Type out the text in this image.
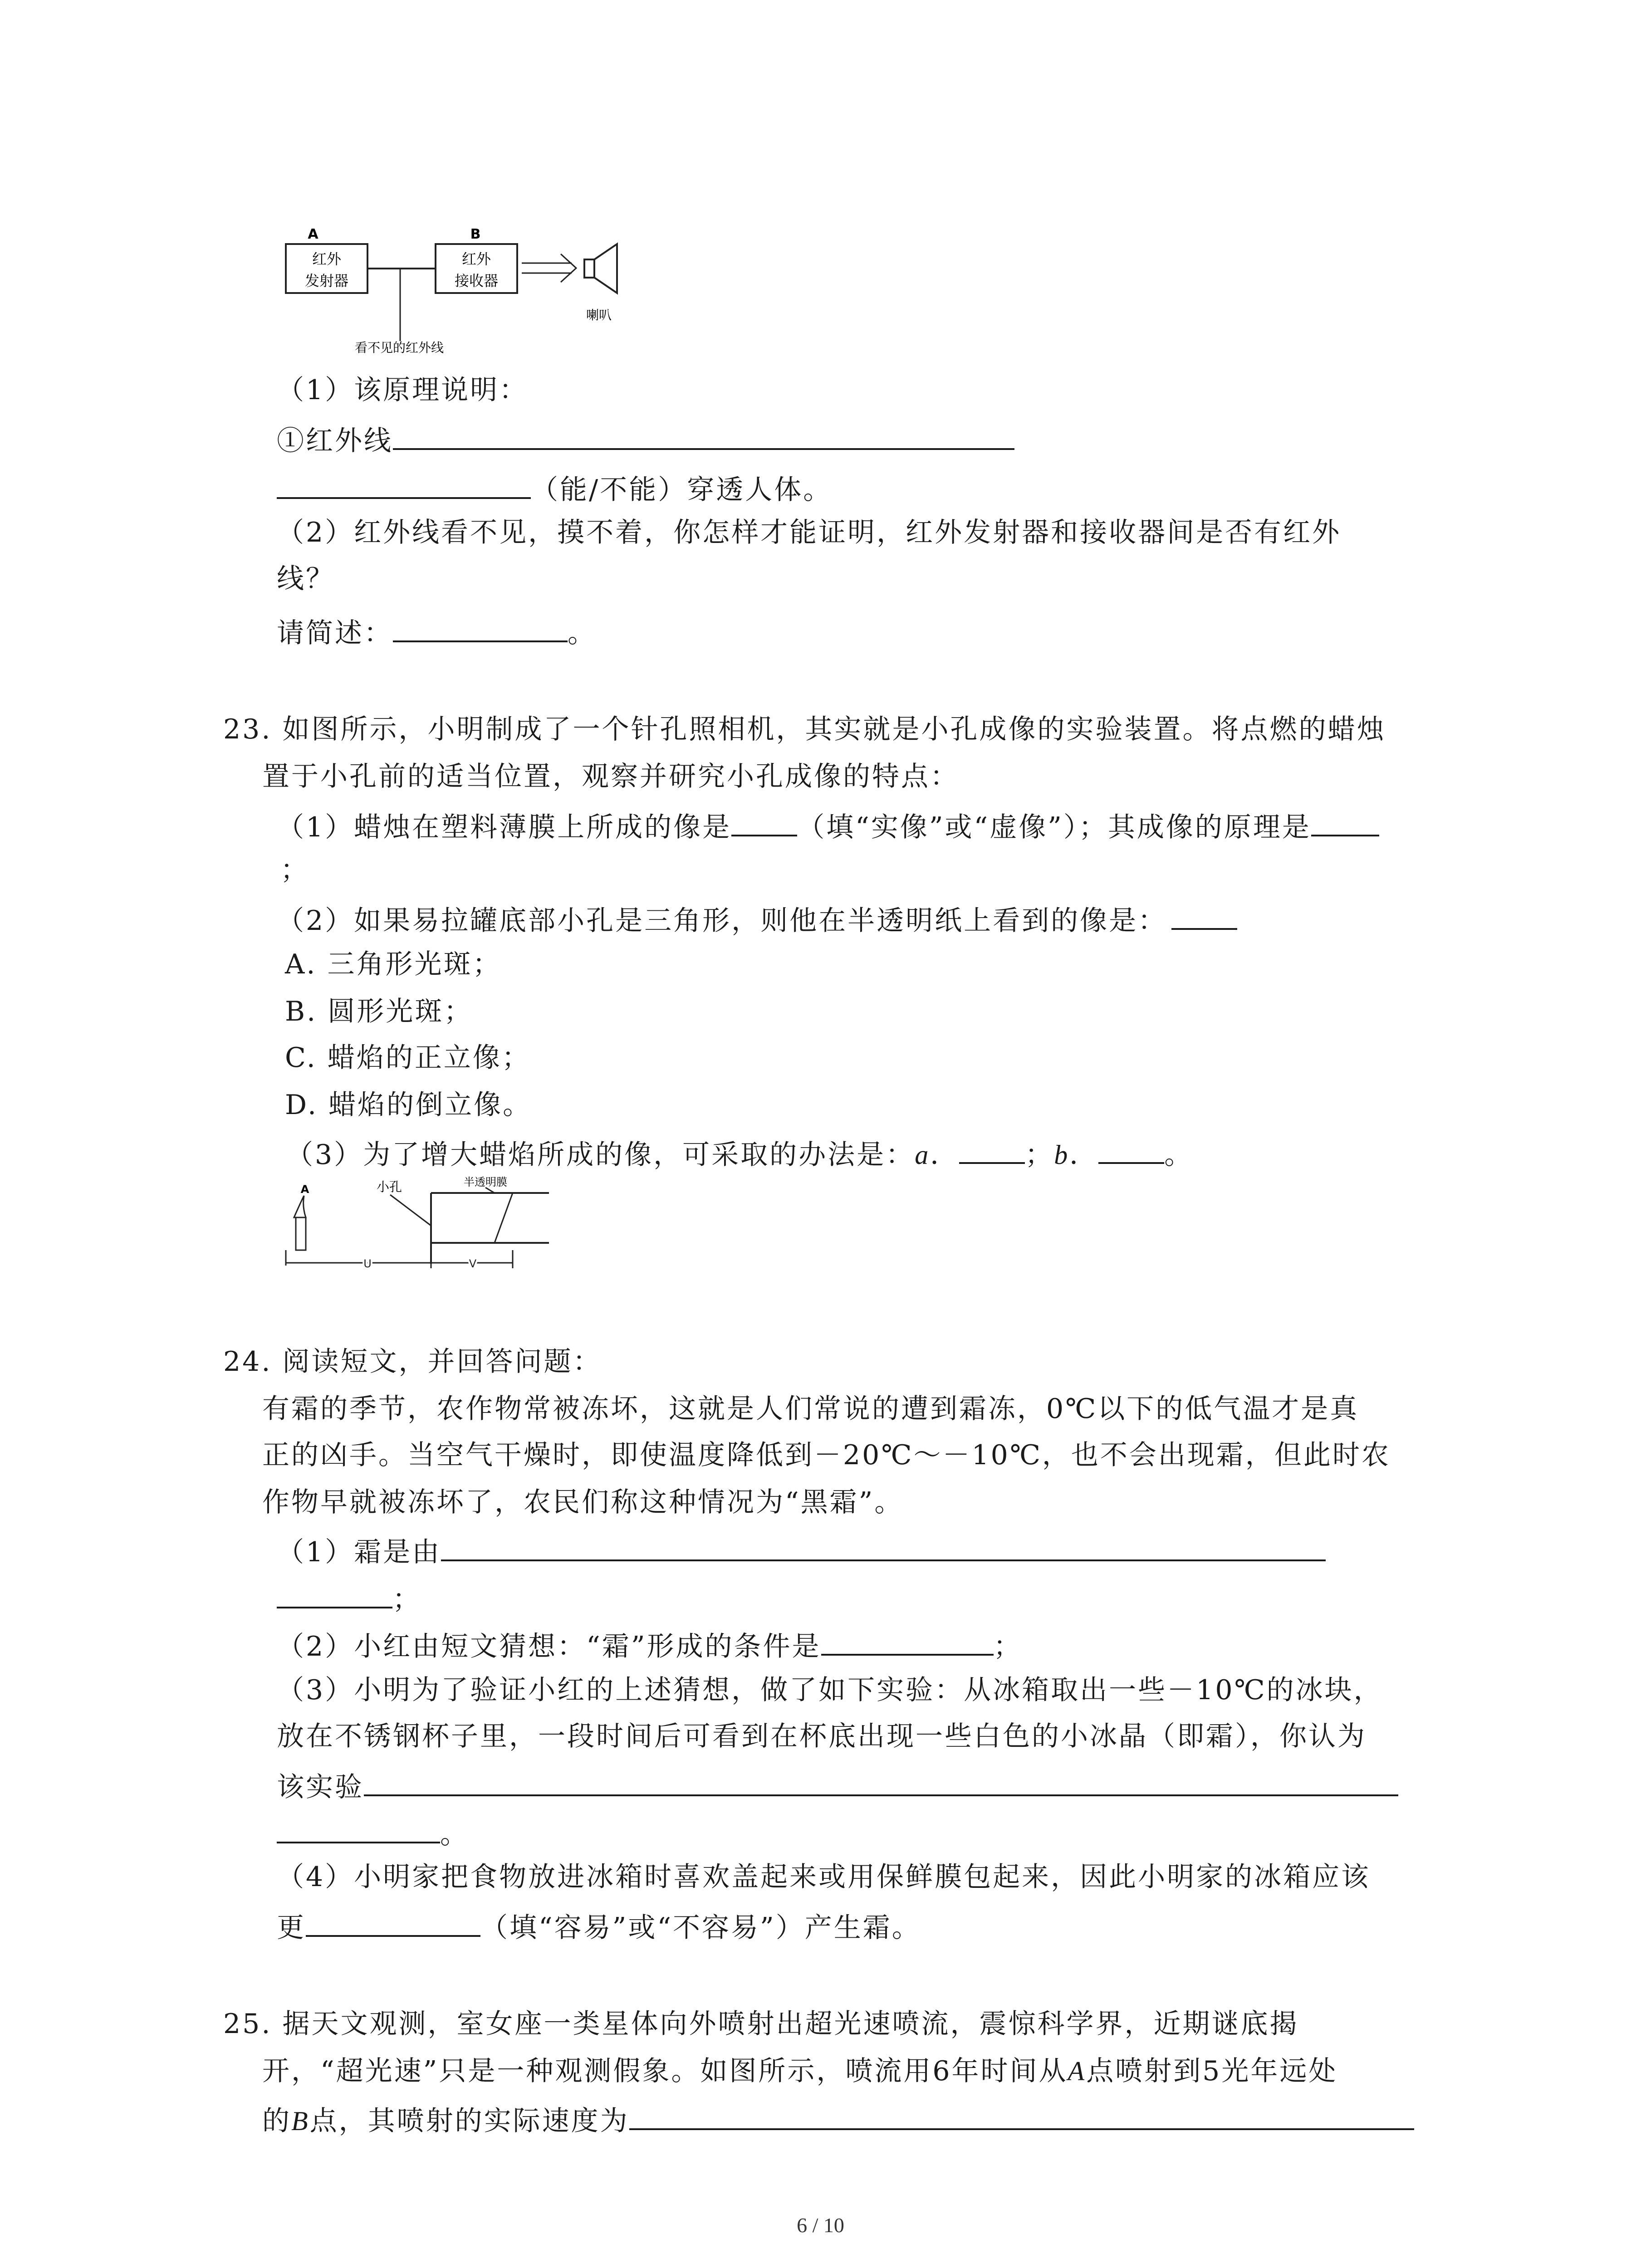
A	B
红外
发射器
红外
接收器
喇叭
看不见的红外线
（1）该原理说明：
①红外线
（能/不能）穿透人体。
（2）红外线看不见，摸不着，你怎样才能证明，红外发射器和接收器间是否有红外
线？
请简述：	。
23. 如图所示，小明制成了一个针孔照相机，其实就是小孔成像的实验装置。将点燃的蜡烛
置于小孔前的适当位置，观察并研究小孔成像的特点：
（1）蜡烛在塑料薄膜上所成的像是 （填“实像”或“虚像”）；其成像的原理是
；
（2）如果易拉罐底部小孔是三角形，则他在半透明纸上看到的像是：
A. 三角形光斑；
B. 圆形光斑；
C. 蜡焰的正立像；
D. 蜡焰的倒立像。
（3）为了增大蜡焰所成的像，可采取的办法是：a． ；b． 。
A	小孔	半透明膜
U	V
24. 阅读短文，并回答问题：
有霜的季节，农作物常被冻坏，这就是人们常说的遭到霜冻，0℃以下的低气温才是真
正的凶手。当空气干燥时，即使温度降低到－20℃～－10℃，也不会出现霜，但此时农
作物早就被冻坏了，农民们称这种情况为“黑霜”。
（1）霜是由
；
（2）小红由短文猜想：“霜”形成的条件是	；
（3）小明为了验证小红的上述猜想，做了如下实验：从冰箱取出一些－10℃的冰块，
放在不锈钢杯子里，一段时间后可看到在杯底出现一些白色的小冰晶（即霜），你认为
该实验
。
（4）小明家把食物放进冰箱时喜欢盖起来或用保鲜膜包起来，因此小明家的冰箱应该
更	（填“容易”或“不容易”）产生霜。
25. 据天文观测，室女座一类星体向外喷射出超光速喷流，震惊科学界，近期谜底揭
开，“超光速”只是一种观测假象。如图所示，喷流用6年时间从A点喷射到5光年远处
的B点，其喷射的实际速度为
6 / 10
